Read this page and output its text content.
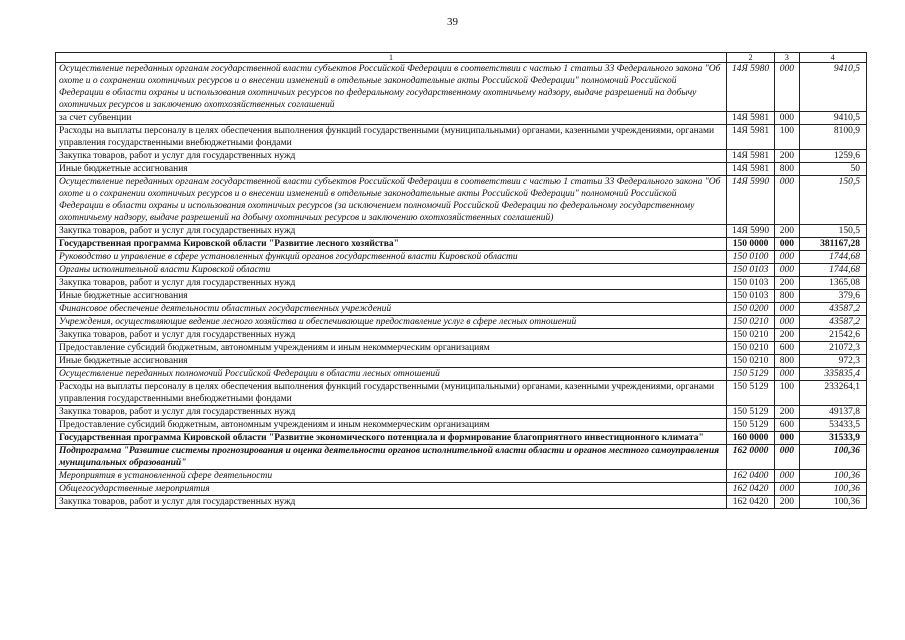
39
1	2	3	4
Осуществление переданных органам государственной власти субъектов Российской Федерации в соответствии с частью 1 статьи 33 Федерального закона "Об охоте и о сохранении охотничьих ресурсов и о внесении изменений в отдельные законодательные акты Российской Федерации" полномочий Российской Федерации в области охраны и использования охотничьих ресурсов по федеральному государственному охотничьему надзору, выдаче разрешений на добычу охотничьих ресурсов и заключению охотхозяйственных соглашений	14Я 5980	000	9410,5
за счет субвенции	14Я 5981	000	9410,5
Расходы на выплаты персоналу в целях обеспечения выполнения функций государственными (муниципальными) органами, казенными учреждениями, органами управления государственными внебюджетными фондами	14Я 5981	100	8100,9
Закупка товаров, работ и услуг для государственных нужд	14Я 5981	200	1259,6
Иные бюджетные ассигнования	14Я 5981	800	50
Осуществление переданных органам государственной власти субъектов Российской Федерации в соответствии с частью 1 статьи 33 Федерального закона "Об охоте и о сохранении охотничьих ресурсов и о внесении изменений в отдельные законодательные акты Российской Федерации" полномочий Российской Федерации в области охраны и использования охотничьих ресурсов (за исключением полномочий Российской Федерации по федеральному государственному охотничьему надзору, выдаче разрешений на добычу охотничьих ресурсов и заключению охотхозяйственных соглашений)	14Я 5990	000	150,5
Закупка товаров, работ и услуг для государственных нужд	14Я 5990	200	150,5
Государственная программа Кировской области "Развитие лесного хозяйства"	150 0000	000	381167,28
Руководство и управление в сфере установленных функций органов государственной власти Кировской области	150 0100	000	1744,68
Органы исполнительной власти Кировской области	150 0103	000	1744,68
Закупка товаров, работ и услуг для государственных нужд	150 0103	200	1365,08
Иные бюджетные ассигнования	150 0103	800	379,6
Финансовое обеспечение деятельности областных государственных учреждений	150 0200	000	43587,2
Учреждения, осуществляющие ведение лесного хозяйства и обеспечивающие предоставление услуг в сфере лесных отношений	150 0210	000	43587,2
Закупка товаров, работ и услуг для государственных нужд	150 0210	200	21542,6
Предоставление субсидий бюджетным, автономным учреждениям и иным некоммерческим организациям	150 0210	600	21072,3
Иные бюджетные ассигнования	150 0210	800	972,3
Осуществление переданных полномочий Российской Федерации в области лесных отношений	150 5129	000	335835,4
Расходы на выплаты персоналу в целях обеспечения выполнения функций государственными (муниципальными) органами, казенными учреждениями, органами управления государственными внебюджетными фондами	150 5129	100	233264,1
Закупка товаров, работ и услуг для государственных нужд	150 5129	200	49137,8
Предоставление субсидий бюджетным, автономным учреждениям и иным некоммерческим организациям	150 5129	600	53433,5
Государственная программа Кировской области "Развитие экономического потенциала и формирование благоприятного инвестиционного климата"	160 0000	000	31533,9
Подпрограмма "Развитие системы прогнозирования и оценка деятельности органов исполнительной власти области и органов местного самоуправления муниципальных образований"	162 0000	000	100,36
Мероприятия в установленной сфере деятельности	162 0400	000	100,36
Общегосударственные мероприятия	162 0420	000	100,36
Закупка товаров, работ и услуг для государственных нужд	162 0420	200	100,36
